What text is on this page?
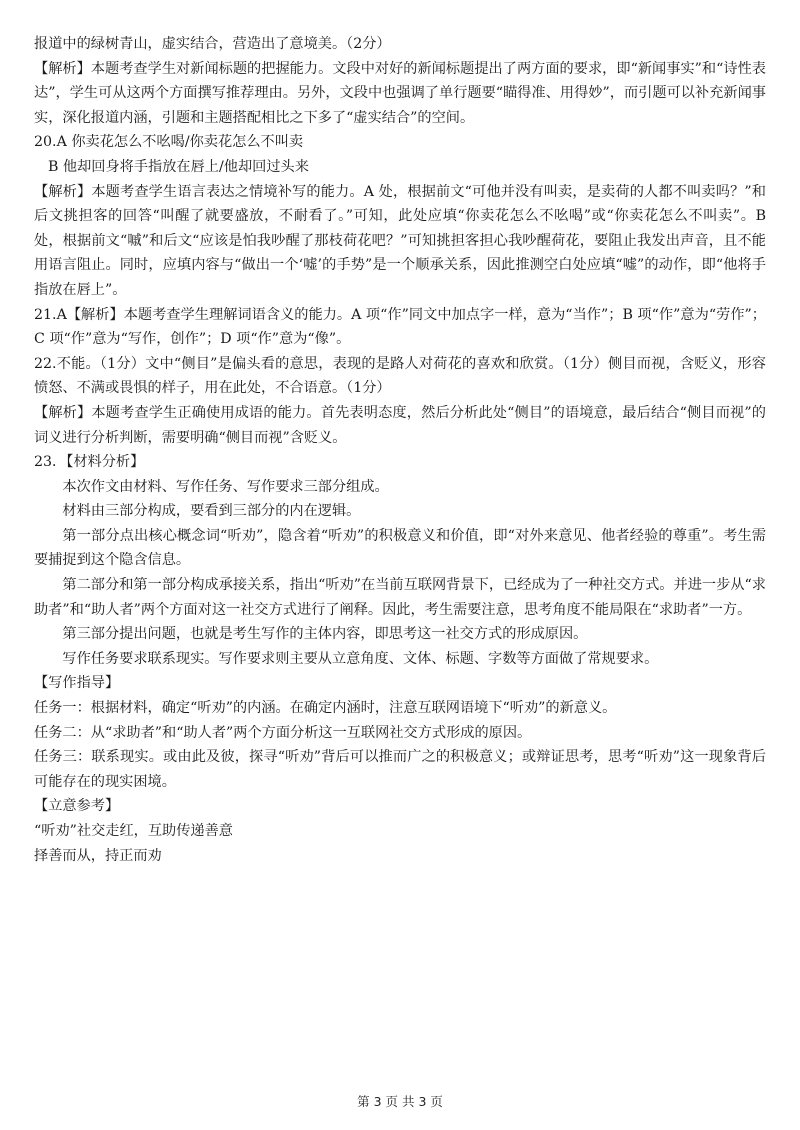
报道中的绿树青山，虚实结合，营造出了意境美。（2分）

【解析】本题考查学生对新闻标题的把握能力。文段中对好的新闻标题提出了两方面的要求，即“新闻事实”和“诗性表达”，学生可从这两个方面撰写推荐理由。另外，文段中也强调了单行题要“瞄得准、用得妙”，而引题可以补充新闻事实，深化报道内涵，引题和主题搭配相比之下多了“虚实结合”的空间。

20.A 你卖花怎么不吆喝/你卖花怎么不叫卖

B 他却回身将手指放在唇上/他却回过头来

【解析】本题考查学生语言表达之情境补写的能力。A 处，根据前文“可他并没有叫卖，是卖荷的人都不叫卖吗？”和后文挑担客的回答“叫醒了就要盛放，不耐看了。”可知，此处应填“你卖花怎么不吆喝”或“你卖花怎么不叫卖”。B 处，根据前文“嘁”和后文“应该是怕我吵醒了那枝荷花吧？”可知挑担客担心我吵醒荷花，要阻止我发出声音，且不能用语言阻止。同时，应填内容与“做出一个‘嘘’的手势”是一个顺承关系，因此推测空白处应填“嘘”的动作，即“他将手指放在唇上”。

21.A【解析】本题考查学生理解词语含义的能力。A 项“作”同文中加点字一样，意为“当作”；B 项“作”意为“劳作”；C 项“作”意为“写作，创作”；D 项“作”意为“像”。

22.不能。（1分）文中“侧目”是偏头看的意思，表现的是路人对荷花的喜欢和欣赏。（1分）侧目而视，含贬义，形容愤怒、不满或畏惧的样子，用在此处，不合语意。（1分）

【解析】本题考查学生正确使用成语的能力。首先表明态度，然后分析此处“侧目”的语境意，最后结合“侧目而视”的词义进行分析判断，需要明确“侧目而视”含贬义。

23．【材料分析】

本次作文由材料、写作任务、写作要求三部分组成。

材料由三部分构成，要看到三部分的内在逻辑。

第一部分点出核心概念词“听劝”，隐含着“听劝”的积极意义和价值，即“对外来意见、他者经验的尊重”。考生需要捕捉到这个隐含信息。

第二部分和第一部分构成承接关系，指出“听劝”在当前互联网背景下，已经成为了一种社交方式。并进一步从“求助者”和“助人者”两个方面对这一社交方式进行了阐释。因此，考生需要注意，思考角度不能局限在“求助者”一方。

第三部分提出问题，也就是考生写作的主体内容，即思考这一社交方式的形成原因。

写作任务要求联系现实。写作要求则主要从立意角度、文体、标题、字数等方面做了常规要求。

【写作指导】

任务一：根据材料，确定“听劝”的内涵。在确定内涵时，注意互联网语境下“听劝”的新意义。

任务二：从“求助者”和“助人者”两个方面分析这一互联网社交方式形成的原因。

任务三：联系现实。或由此及彼，探寻“听劝”背后可以推而广之的积极意义；或辩证思考，思考“听劝”这一现象背后可能存在的现实困境。

【立意参考】

“听劝”社交走红，互助传递善意

择善而从，持正而劝

第 3 页 共 3 页
